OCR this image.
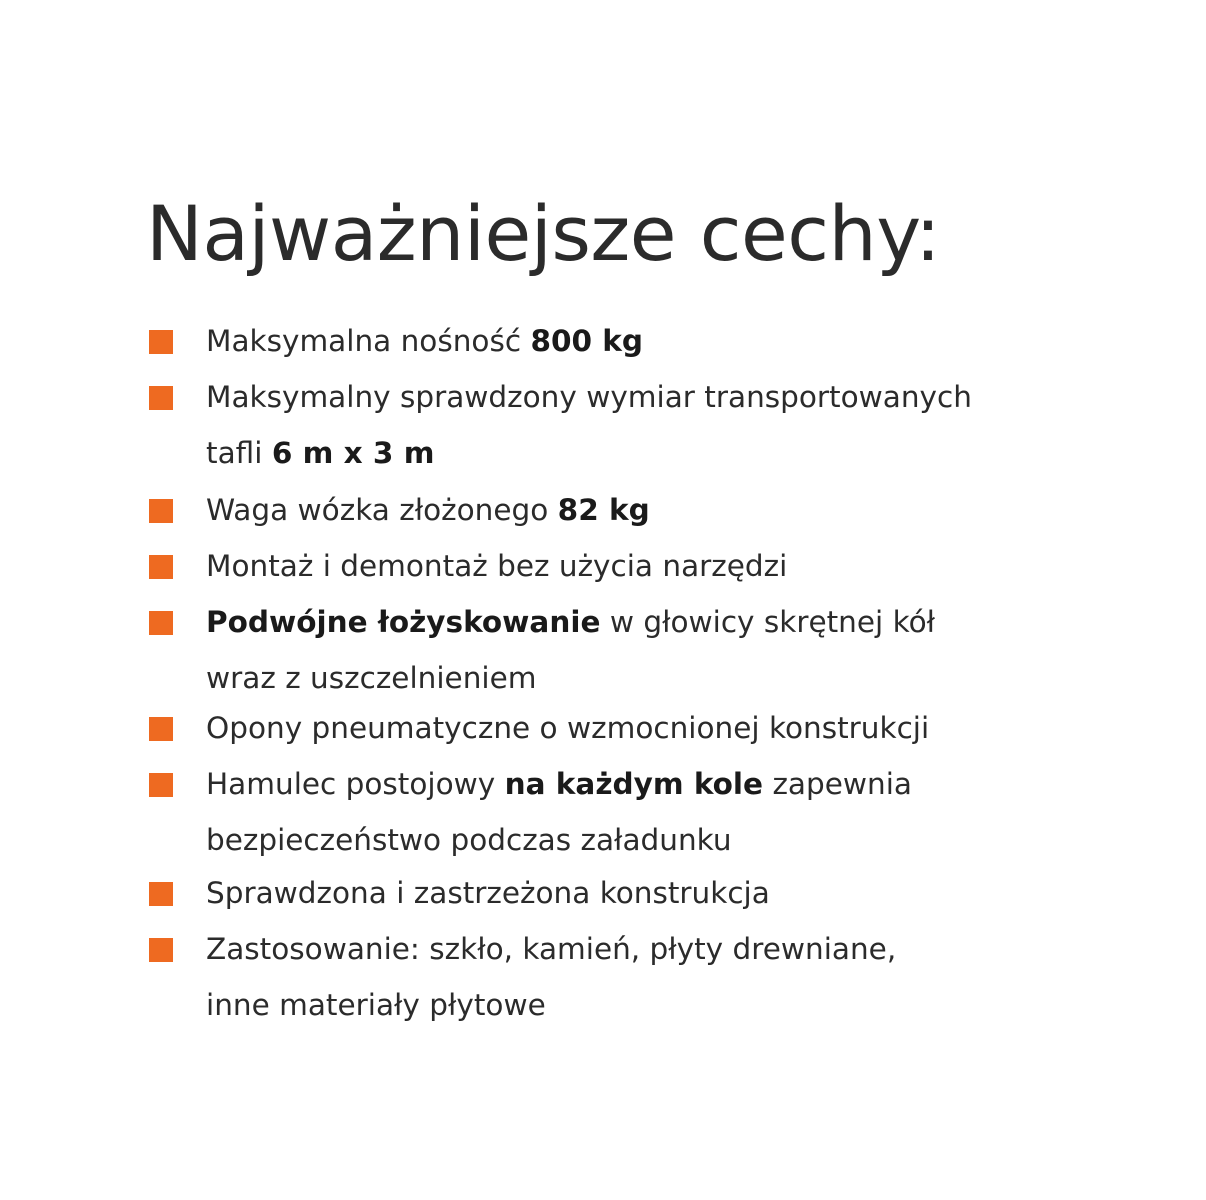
Najważniejsze cechy:
Maksymalna nośność 800 kg
Maksymalny sprawdzony wymiar transportowanych
tafli 6 m x 3 m
Waga wózka złożonego 82 kg
Montaż i demontaż bez użycia narzędzi
Podwójne łożyskowanie w głowicy skrętnej kół
wraz z uszczelnieniem
Opony pneumatyczne o wzmocnionej konstrukcji
Hamulec postojowy na każdym kole zapewnia
bezpieczeństwo podczas załadunku
Sprawdzona i zastrzeżona konstrukcja
Zastosowanie: szkło, kamień, płyty drewniane,
inne materiały płytowe
